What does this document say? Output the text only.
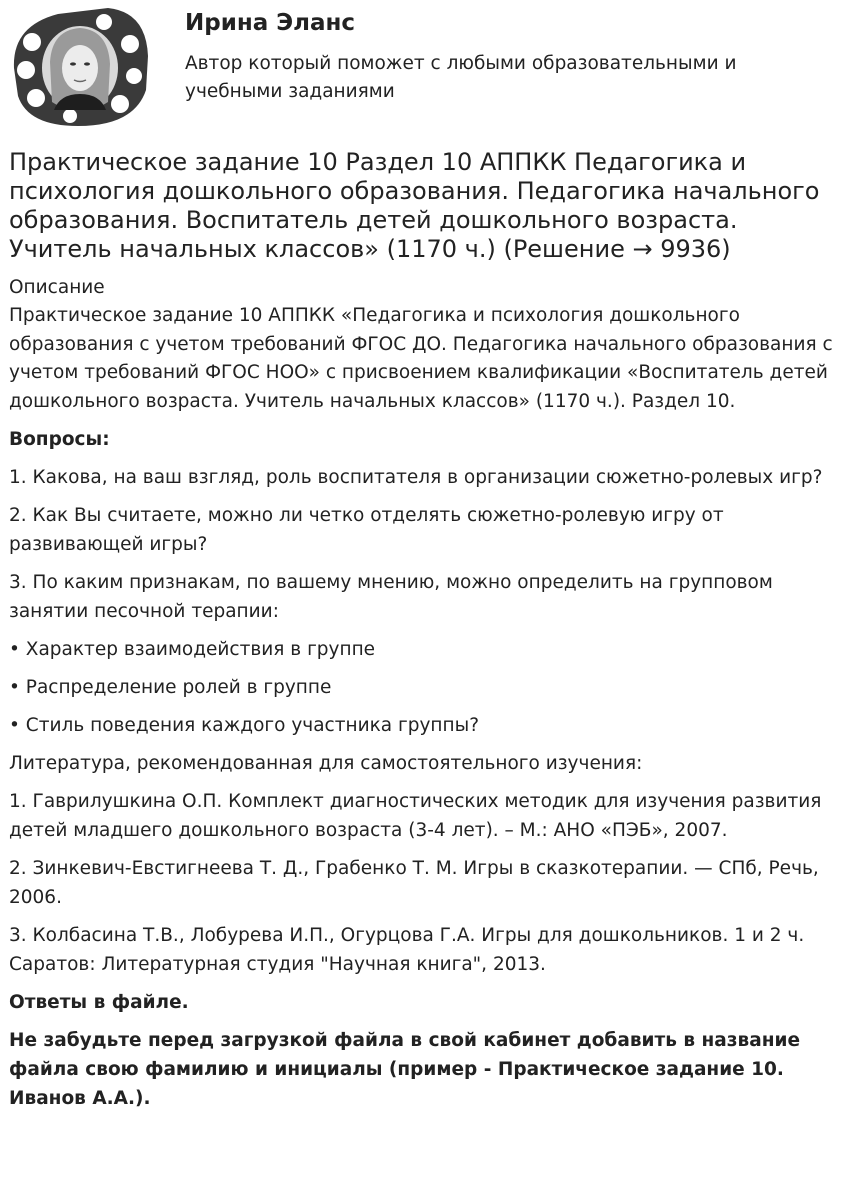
Ирина Эланс
Автор который поможет с любыми образовательными и учебными заданиями
Практическое задание 10 Раздел 10 АППКК Педагогика и психология дошкольного образования. Педагогика начального образования. Воспитатель детей дошкольного возраста. Учитель начальных классов» (1170 ч.) (Решение → 9936)
Описание
Практическое задание 10 АППКК «Педагогика и психология дошкольного образования с учетом требований ФГОС ДО. Педагогика начального образования с учетом требований ФГОС НОО» с присвоением квалификации «Воспитатель детей дошкольного возраста. Учитель начальных классов» (1170 ч.). Раздел 10.

Вопросы:

1. Какова, на ваш взгляд, роль воспитателя в организации сюжетно-ролевых игр?

2. Как Вы считаете, можно ли четко отделять сюжетно-ролевую игру от развивающей игры?

3. По каким признакам, по вашему мнению, можно определить на групповом занятии песочной терапии:

• Характер взаимодействия в группе

• Распределение ролей в группе

• Стиль поведения каждого участника группы?

Литература, рекомендованная для самостоятельного изучения:

1. Гаврилушкина О.П. Комплект диагностических методик для изучения развития детей младшего дошкольного возраста (3-4 лет). – М.: АНО «ПЭБ», 2007.

2. Зинкевич-Евстигнеева Т. Д., Грабенко Т. М. Игры в сказкотерапии. — СПб, Речь, 2006.

3. Колбасина Т.В., Лобурева И.П., Огурцова Г.А. Игры для дошкольников. 1 и 2 ч. Саратов: Литературная студия "Научная книга", 2013.

Ответы в файле.

Не забудьте перед загрузкой файла в свой кабинет добавить в название файла свою фамилию и инициалы (пример - Практическое задание 10. Иванов А.А.).
